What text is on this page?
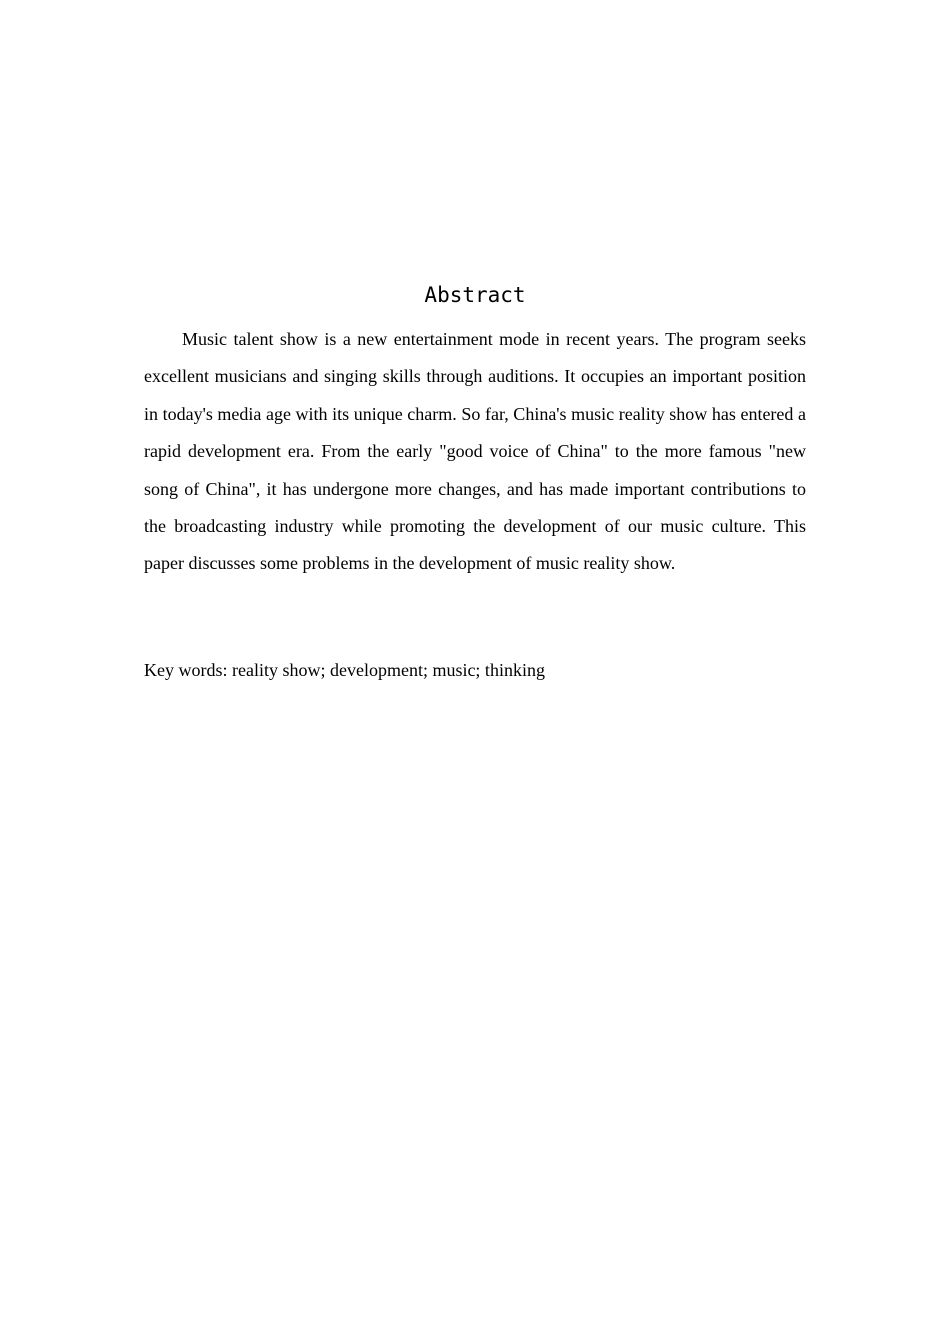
Abstract

Music talent show is a new entertainment mode in recent years. The program seeks excellent musicians and singing skills through auditions. It occupies an important position in today's media age with its unique charm. So far, China's music reality show has entered a rapid development era. From the early "good voice of China" to the more famous "new song of China", it has undergone more changes, and has made important contributions to the broadcasting industry while promoting the development of our music culture. This paper discusses some problems in the development of music reality show.

Key words: reality show; development; music; thinking
